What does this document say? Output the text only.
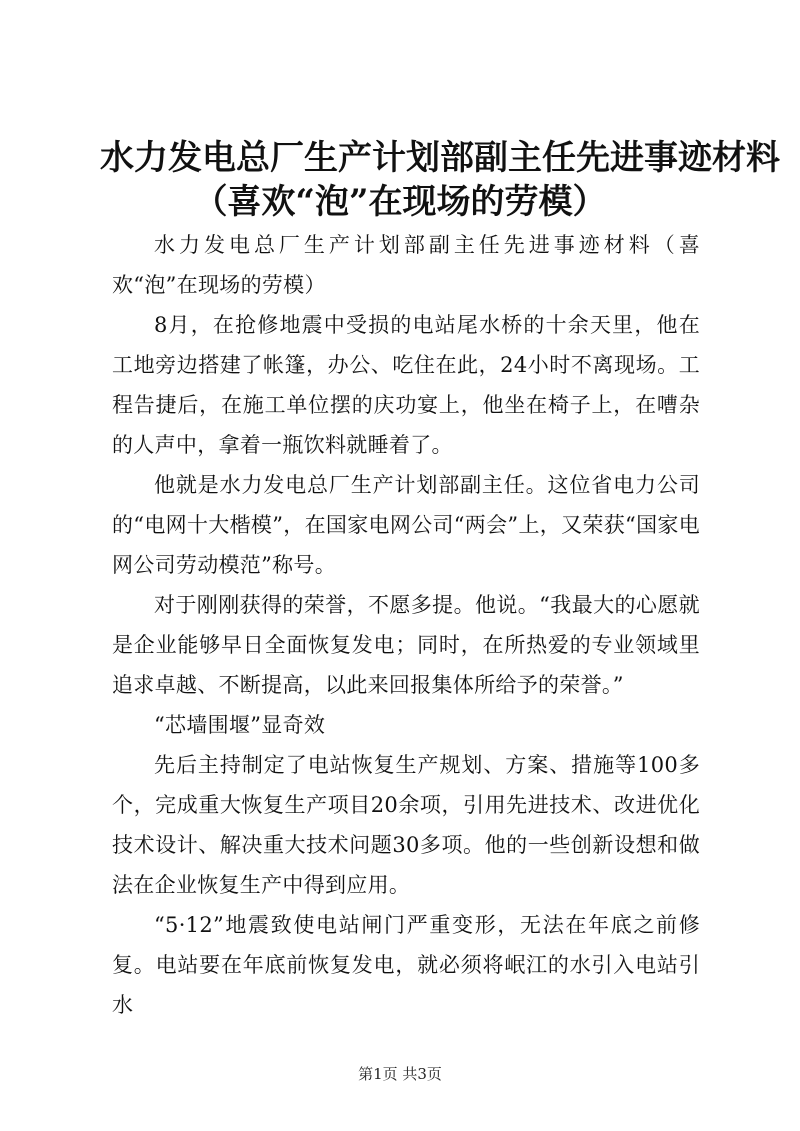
水力发电总厂生产计划部副主任先进事迹材料
（喜欢“泡”在现场的劳模）

水力发电总厂生产计划部副主任先进事迹材料（喜欢“泡”在现场的劳模）

8月，在抢修地震中受损的电站尾水桥的十余天里，他在工地旁边搭建了帐篷，办公、吃住在此，24小时不离现场。工程告捷后，在施工单位摆的庆功宴上，他坐在椅子上，在嘈杂的人声中，拿着一瓶饮料就睡着了。

他就是水力发电总厂生产计划部副主任。这位省电力公司的“电网十大楷模”，在国家电网公司“两会”上，又荣获“国家电网公司劳动模范”称号。

对于刚刚获得的荣誉，不愿多提。他说。“我最大的心愿就是企业能够早日全面恢复发电；同时，在所热爱的专业领域里追求卓越、不断提高，以此来回报集体所给予的荣誉。”

“芯墙围堰”显奇效

先后主持制定了电站恢复生产规划、方案、措施等100多个，完成重大恢复生产项目20余项，引用先进技术、改进优化技术设计、解决重大技术问题30多项。他的一些创新设想和做法在企业恢复生产中得到应用。

“5·12”地震致使电站闸门严重变形，无法在年底之前修复。电站要在年底前恢复发电，就必须将岷江的水引入电站引水

第1页 共3页
